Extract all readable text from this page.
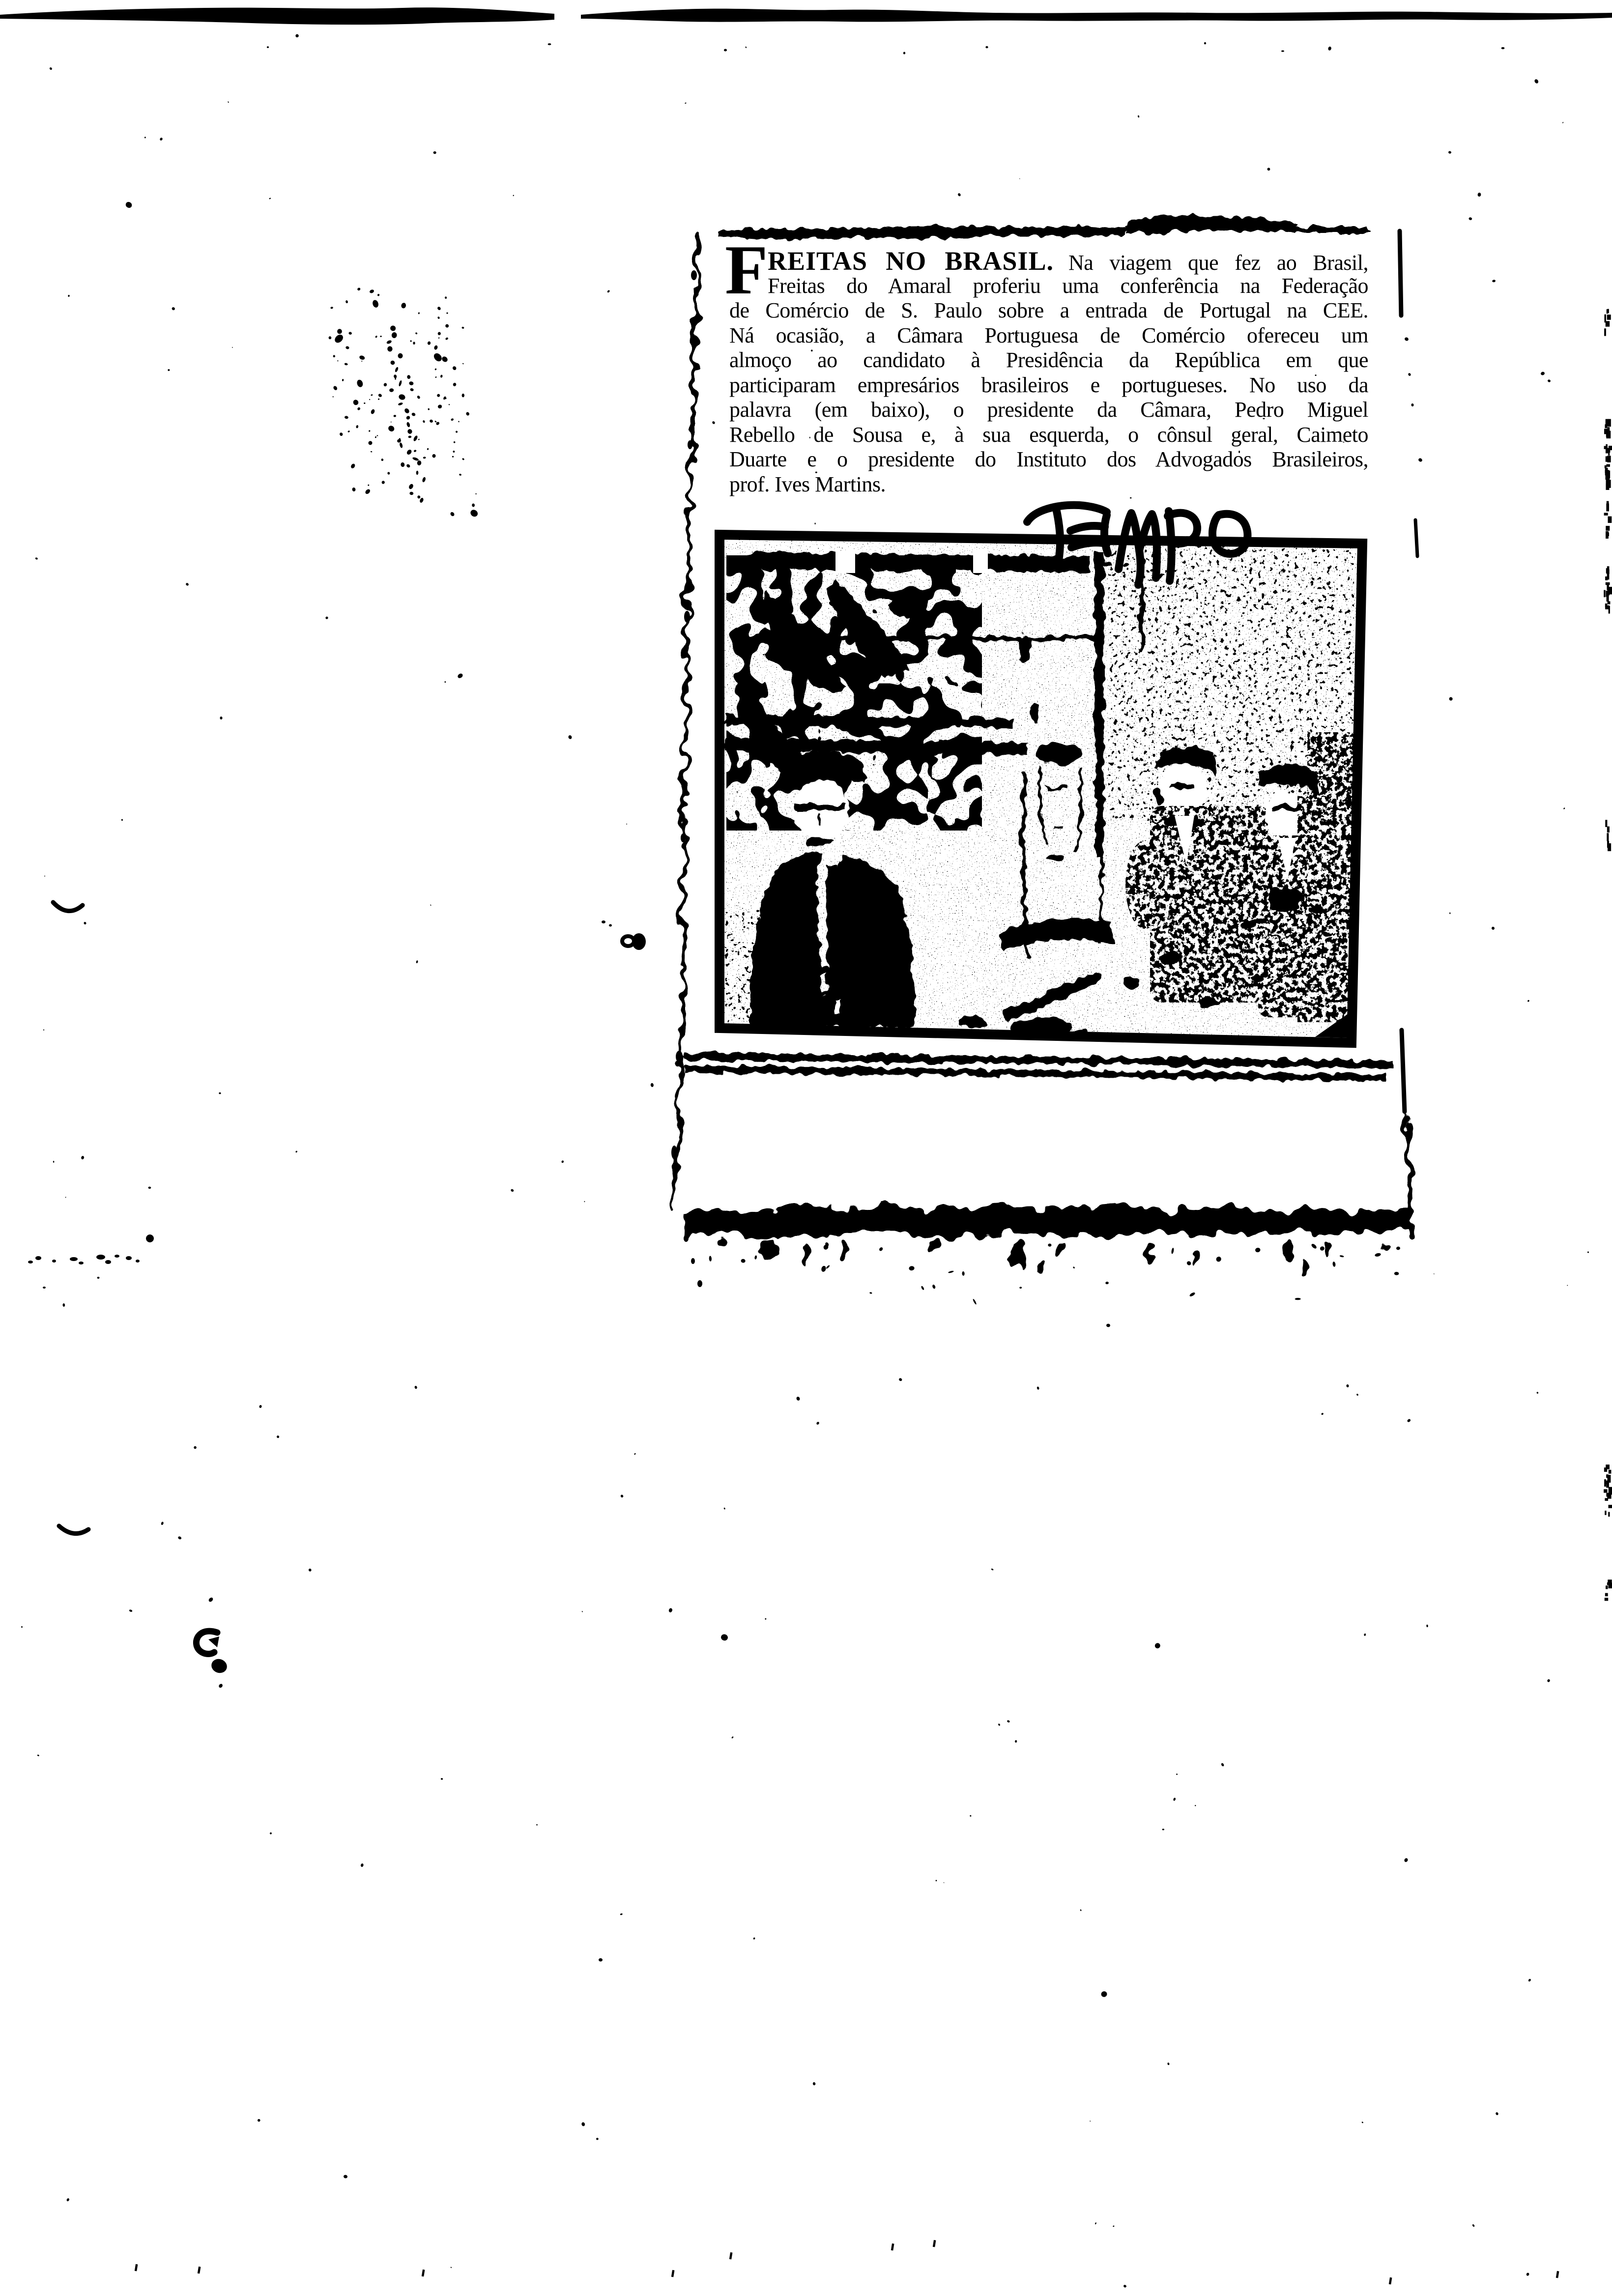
F REITAS NO BRASIL. Na viagem que fez ao Brasil,
Freitas do Amaral proferiu uma conferência na Federação
de Comércio de S. Paulo sobre a entrada de Portugal na CEE.
Ná ocasião, a Câmara Portuguesa de Comércio ofereceu um
almoço ao candidato à Presidência da República em que
participaram empresários brasileiros e portugueses. No uso da
palavra (em baixo), o presidente da Câmara, Pedro Miguel
Rebello de Sousa e, à sua esquerda, o cônsul geral, Caimeto
Duarte e o presidente do Instituto dos Advogados Brasileiros,
prof. Ives Martins.
